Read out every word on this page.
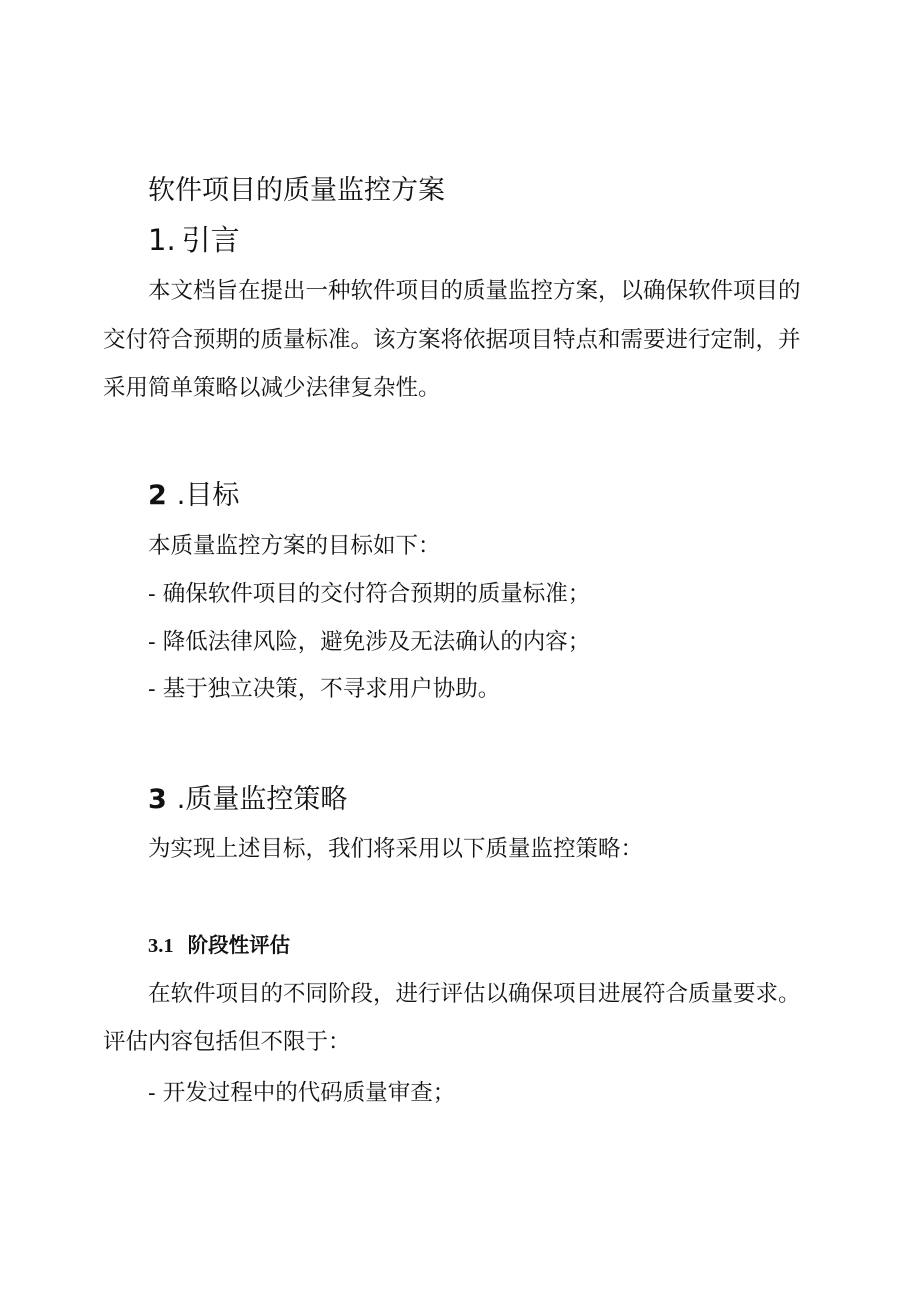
软件项目的质量监控方案
1. 引言
本文档旨在提出一种软件项目的质量监控方案，以确保软件项目的
交付符合预期的质量标准。该方案将依据项目特点和需要进行定制，并
采用简单策略以减少法律复杂性。
2 .目标
本质量监控方案的目标如下：
- 确保软件项目的交付符合预期的质量标准；
- 降低法律风险，避免涉及无法确认的内容；
- 基于独立决策，不寻求用户协助。
3 .质量监控策略
为实现上述目标，我们将采用以下质量监控策略：
3.1 阶段性评估
在软件项目的不同阶段，进行评估以确保项目进展符合质量要求。
评估内容包括但不限于：
- 开发过程中的代码质量审查；
